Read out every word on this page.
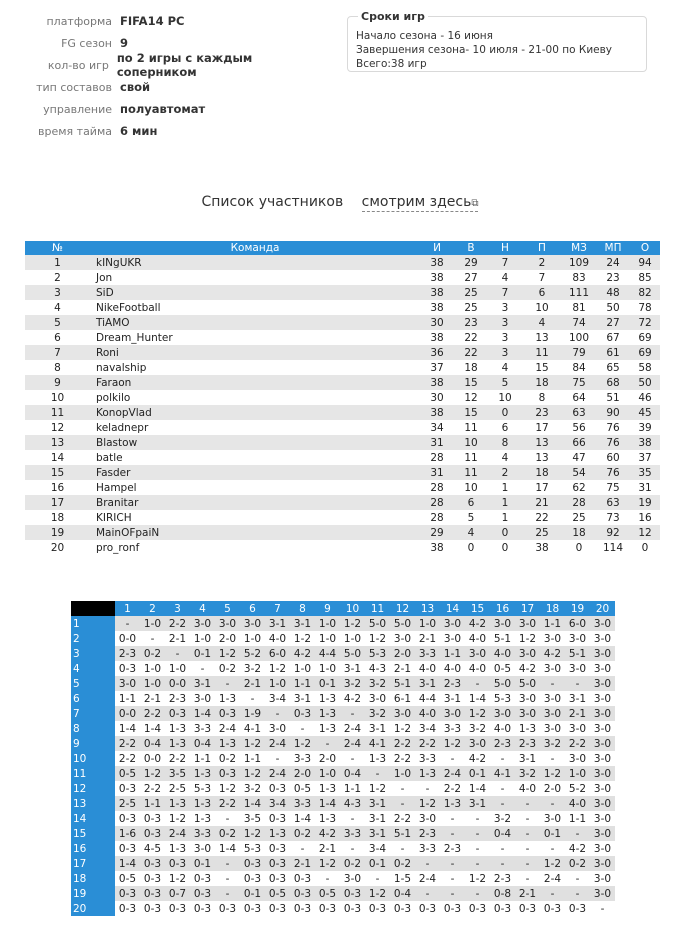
платформа FIFA14 PC
FG сезон 9
кол-во игр по 2 игры с каждым соперником
тип составов свой
управление полуавтомат
время тайма 6 мин
Сроки игр
Начало сезона - 16 июня
Завершения сезона- 10 июля - 21-00 по Киеву
Всего:38 игр
Список участников смотрим здесь⧉
№	Команда	И	В	Н	П	МЗ	МП	О
1	kINgUKR	38	29	7	2	109	24	94
2	Jon	38	27	4	7	83	23	85
3	SiD	38	25	7	6	111	48	82
4	NikeFootball	38	25	3	10	81	50	78
5	TiAMO	30	23	3	4	74	27	72
6	Dream_Hunter	38	22	3	13	100	67	69
7	Roni	36	22	3	11	79	61	69
8	navalship	37	18	4	15	84	65	58
9	Faraon	38	15	5	18	75	68	50
10	polkilo	30	12	10	8	64	51	46
11	KonopVlad	38	15	0	23	63	90	45
12	keladnepr	34	11	6	17	56	76	39
13	Blastow	31	10	8	13	66	76	38
14	batle	28	11	4	13	47	60	37
15	Fasder	31	11	2	18	54	76	35
16	Hampel	28	10	1	17	62	75	31
17	Branitar	28	6	1	21	28	63	19
18	KIRICH	28	5	1	22	25	73	16
19	MainOFpaiN	29	4	0	25	18	92	12
20	pro_ronf	38	0	0	38	0	114	0
	1	2	3	4	5	6	7	8	9	10	11	12	13	14	15	16	17	18	19	20
1	-	1-0	2-2	3-0	3-0	3-0	3-1	3-1	1-0	1-2	5-0	5-0	1-0	3-0	4-2	3-0	3-0	1-1	6-0	3-0
2	0-0	-	2-1	1-0	2-0	1-0	4-0	1-2	1-0	1-0	1-2	3-0	2-1	3-0	4-0	5-1	1-2	3-0	3-0	3-0
3	2-3	0-2	-	0-1	1-2	5-2	6-0	4-2	4-4	5-0	5-3	2-0	3-3	1-1	3-0	4-0	3-0	4-2	5-1	3-0
4	0-3	1-0	1-0	-	0-2	3-2	1-2	1-0	1-0	3-1	4-3	2-1	4-0	4-0	4-0	0-5	4-2	3-0	3-0	3-0
5	3-0	1-0	0-0	3-1	-	2-1	1-0	1-1	0-1	3-2	3-2	5-1	3-1	2-3	-	5-0	5-0	-	-	3-0
6	1-1	2-1	2-3	3-0	1-3	-	3-4	3-1	1-3	4-2	3-0	6-1	4-4	3-1	1-4	5-3	3-0	3-0	3-1	3-0
7	0-0	2-2	0-3	1-4	0-3	1-9	-	0-3	1-3	-	3-2	3-0	4-0	3-0	1-2	3-0	3-0	3-0	2-1	3-0
8	1-4	1-4	1-3	3-3	2-4	4-1	3-0	-	1-3	2-4	3-1	1-2	3-4	3-3	3-2	4-0	1-3	3-0	3-0	3-0
9	2-2	0-4	1-3	0-4	1-3	1-2	2-4	1-2	-	2-4	4-1	2-2	2-2	1-2	3-0	2-3	2-3	3-2	2-2	3-0
10	2-2	0-0	2-2	1-1	0-2	1-1	-	3-3	2-0	-	1-3	2-2	3-3	-	4-2	-	3-1	-	3-0	3-0
11	0-5	1-2	3-5	1-3	0-3	1-2	2-4	2-0	1-0	0-4	-	1-0	1-3	2-4	0-1	4-1	3-2	1-2	1-0	3-0
12	0-3	2-2	2-5	5-3	1-2	3-2	0-3	0-5	1-3	1-1	1-2	-	-	2-2	1-4	-	4-0	2-0	5-2	3-0
13	2-5	1-1	1-3	1-3	2-2	1-4	3-4	3-3	1-4	4-3	3-1	-	1-2	1-3	3-1	-	-	-	4-0	3-0
14	0-3	0-3	1-2	1-3	-	3-5	0-3	1-4	1-3	-	3-1	2-2	3-0	-	-	3-2	-	3-0	1-1	3-0
15	1-6	0-3	2-4	3-3	0-2	1-2	1-3	0-2	4-2	3-3	3-1	5-1	2-3	-	-	0-4	-	0-1	-	3-0
16	0-3	4-5	1-3	3-0	1-4	5-3	0-3	-	2-1	-	3-4	-	3-3	2-3	-	-	-	-	4-2	3-0
17	1-4	0-3	0-3	0-1	-	0-3	0-3	2-1	1-2	0-2	0-1	0-2	-	-	-	-	-	1-2	0-2	3-0
18	0-5	0-3	1-2	0-3	-	0-3	0-3	0-3	-	3-0	-	1-5	2-4	-	1-2	2-3	-	2-4	-	3-0
19	0-3	0-3	0-7	0-3	-	0-1	0-5	0-3	0-5	0-3	1-2	0-4	-	-	-	0-8	2-1	-	-	3-0
20	0-3	0-3	0-3	0-3	0-3	0-3	0-3	0-3	0-3	0-3	0-3	0-3	0-3	0-3	0-3	0-3	0-3	0-3	0-3	-
